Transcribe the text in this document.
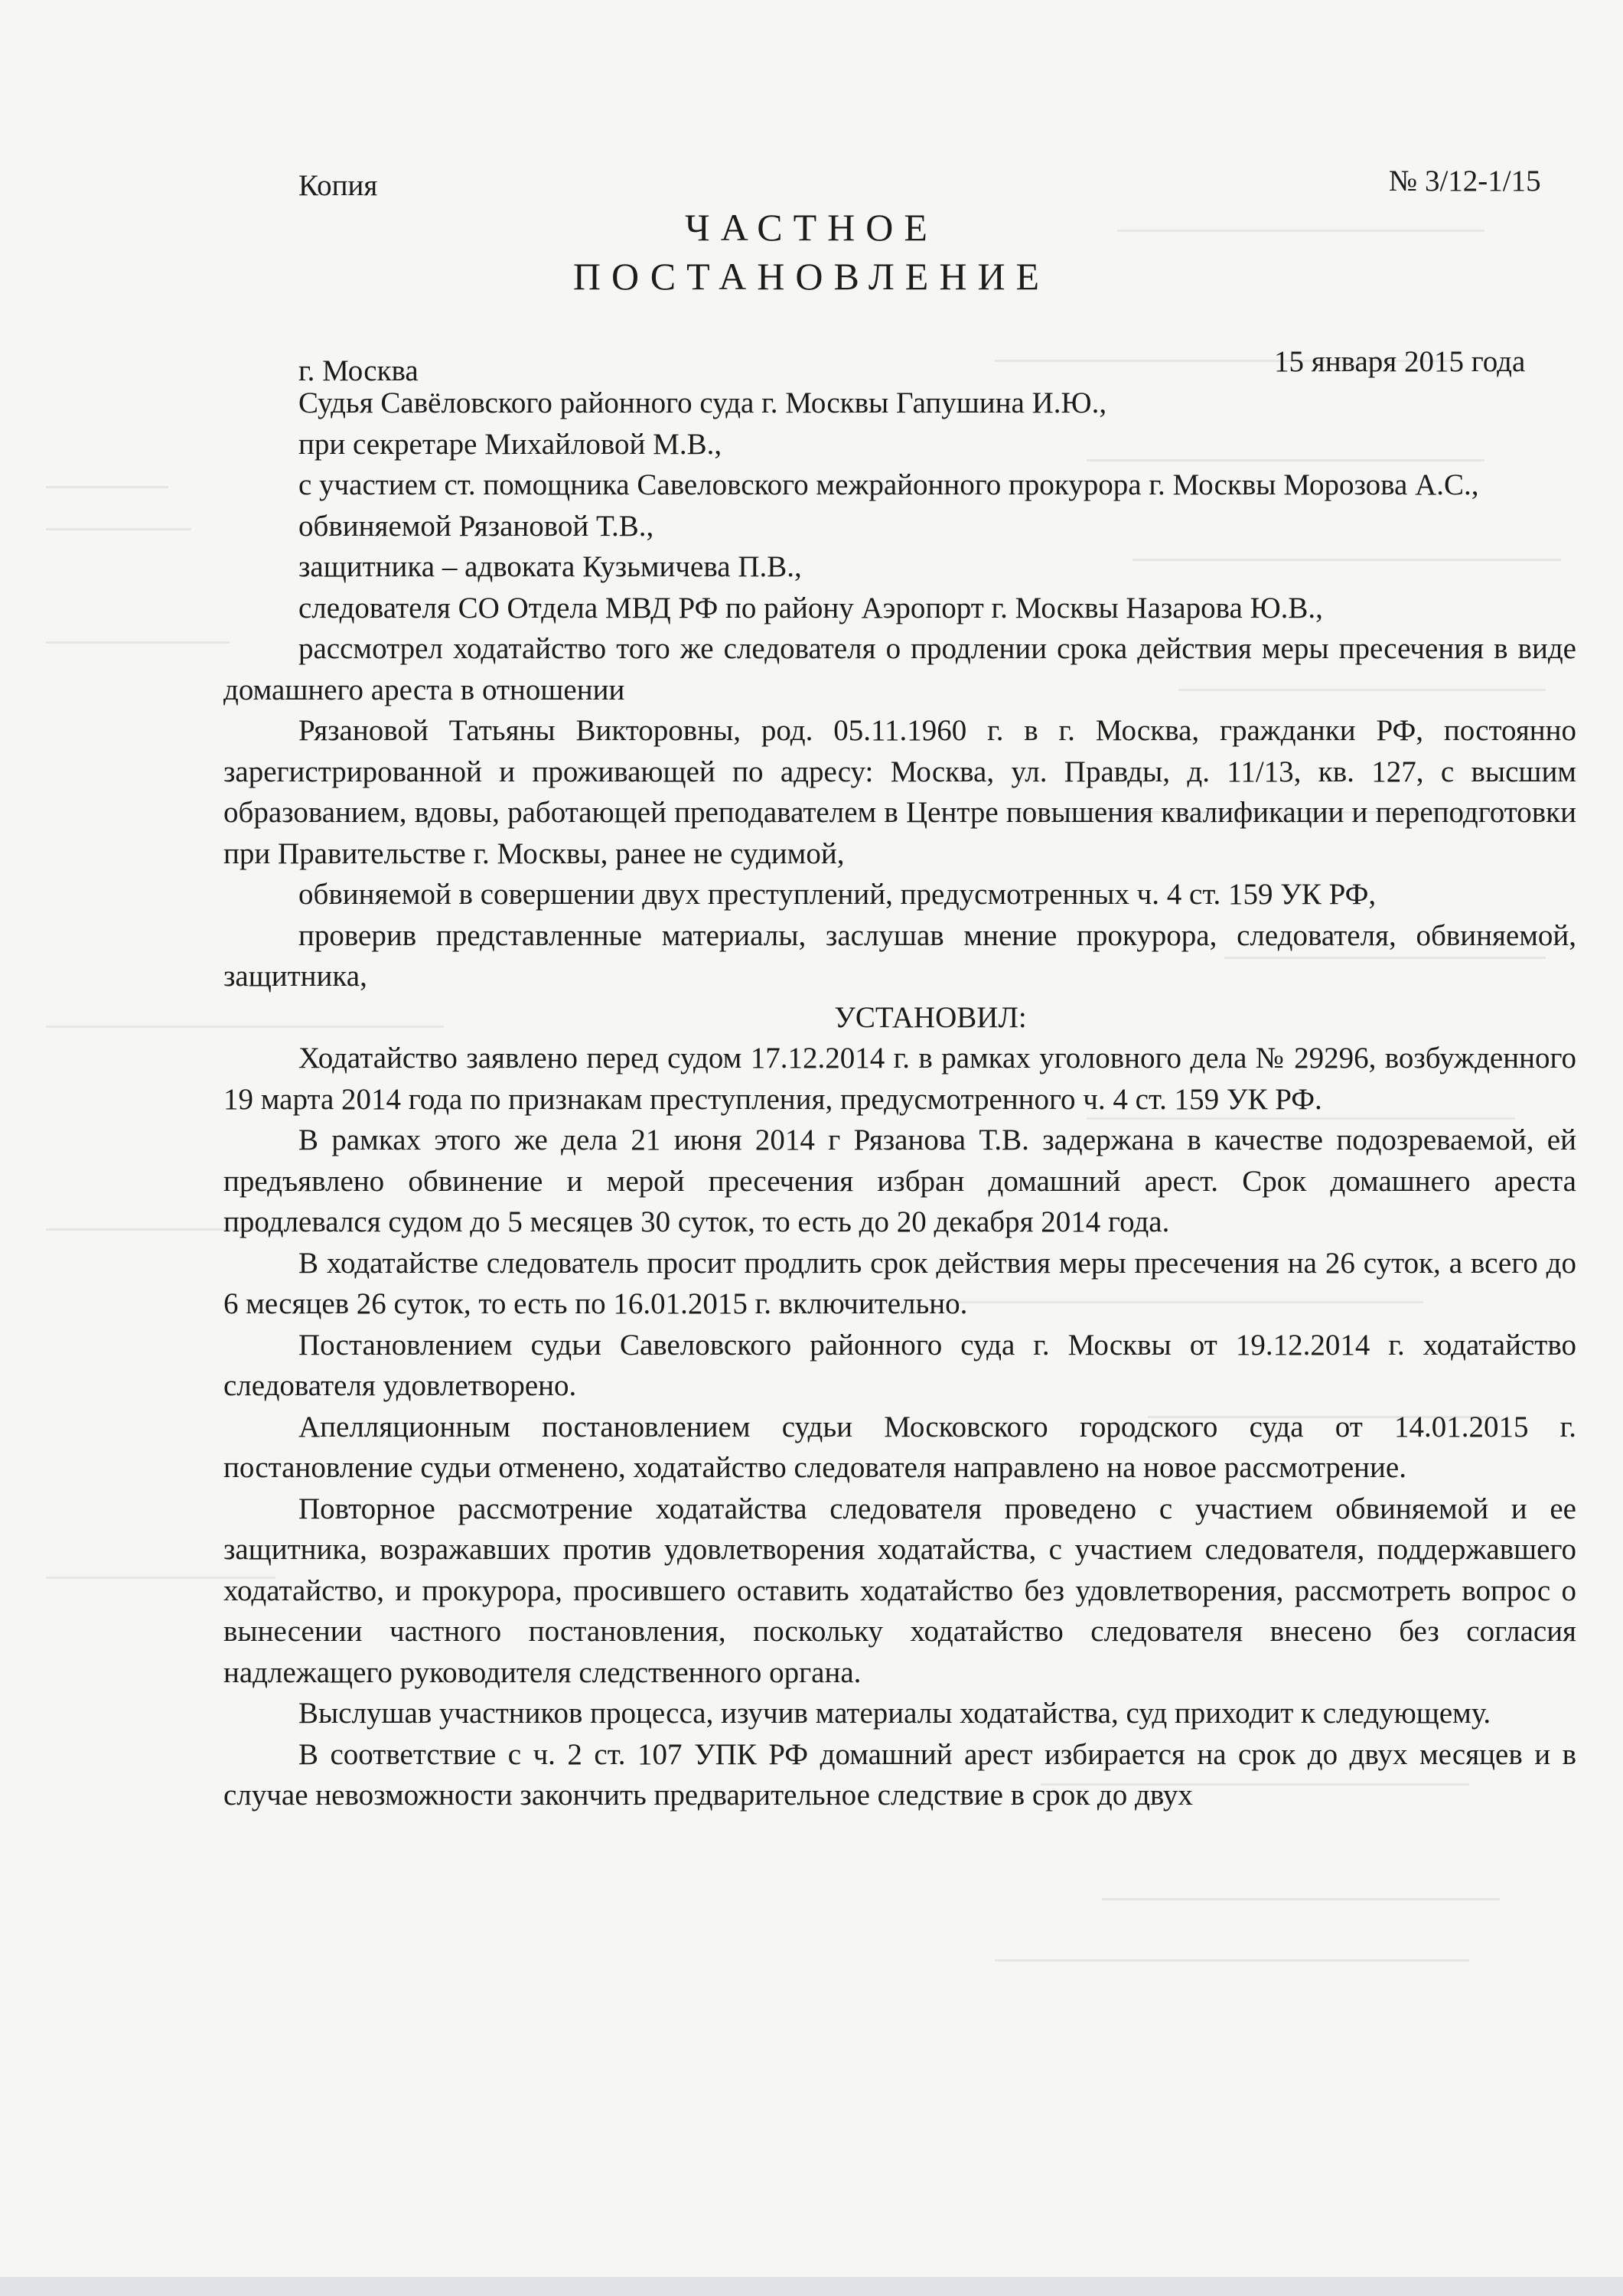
Копия	№ 3/12-1/15
ЧАСТНОЕ
ПОСТАНОВЛЕНИЕ
г. Москва	15 января 2015 года

Судья Савёловского районного суда г. Москвы Гапушина И.Ю.,

при секретаре Михайловой М.В.,

с участием ст. помощника Савеловского межрайонного прокурора г. Москвы Морозова А.С.,

обвиняемой Рязановой Т.В.,

защитника – адвоката Кузьмичева П.В.,

следователя СО Отдела МВД РФ по району Аэропорт г. Москвы Назарова Ю.В.,

рассмотрел ходатайство того же следователя о продлении срока действия меры пресечения в виде домашнего ареста в отношении

Рязановой Татьяны Викторовны, род. 05.11.1960 г. в г. Москва, гражданки РФ, постоянно зарегистрированной и проживающей по адресу: Москва, ул. Правды, д. 11/13, кв. 127, с высшим образованием, вдовы, работающей преподавателем в Центре повышения квалификации и переподготовки при Правительстве г. Москвы, ранее не судимой,

обвиняемой в совершении двух преступлений, предусмотренных ч. 4 ст. 159 УК РФ,

проверив представленные материалы, заслушав мнение прокурора, следователя, обвиняемой, защитника,

УСТАНОВИЛ:

Ходатайство заявлено перед судом 17.12.2014 г. в рамках уголовного дела № 29296, возбужденного 19 марта 2014 года по признакам преступления, предусмотренного ч. 4 ст. 159 УК РФ.

В рамках этого же дела 21 июня 2014 г Рязанова Т.В. задержана в качестве подозреваемой, ей предъявлено обвинение и мерой пресечения избран домашний арест. Срок домашнего ареста продлевался судом до 5 месяцев 30 суток, то есть до 20 декабря 2014 года.

В ходатайстве следователь просит продлить срок действия меры пресечения на 26 суток, а всего до 6 месяцев 26 суток, то есть по 16.01.2015 г. включительно.

Постановлением судьи Савеловского районного суда г. Москвы от 19.12.2014 г. ходатайство следователя удовлетворено.

Апелляционным постановлением судьи Московского городского суда от 14.01.2015 г. постановление судьи отменено, ходатайство следователя направлено на новое рассмотрение.

Повторное рассмотрение ходатайства следователя проведено с участием обвиняемой и ее защитника, возражавших против удовлетворения ходатайства, с участием следователя, поддержавшего ходатайство, и прокурора, просившего оставить ходатайство без удовлетворения, рассмотреть вопрос о вынесении частного постановления, поскольку ходатайство следователя внесено без согласия надлежащего руководителя следственного органа.

Выслушав участников процесса, изучив материалы ходатайства, суд приходит к следующему.

В соответствие с ч. 2 ст. 107 УПК РФ домашний арест избирается на срок до двух месяцев и в случае невозможности закончить предварительное следствие в срок до двух
